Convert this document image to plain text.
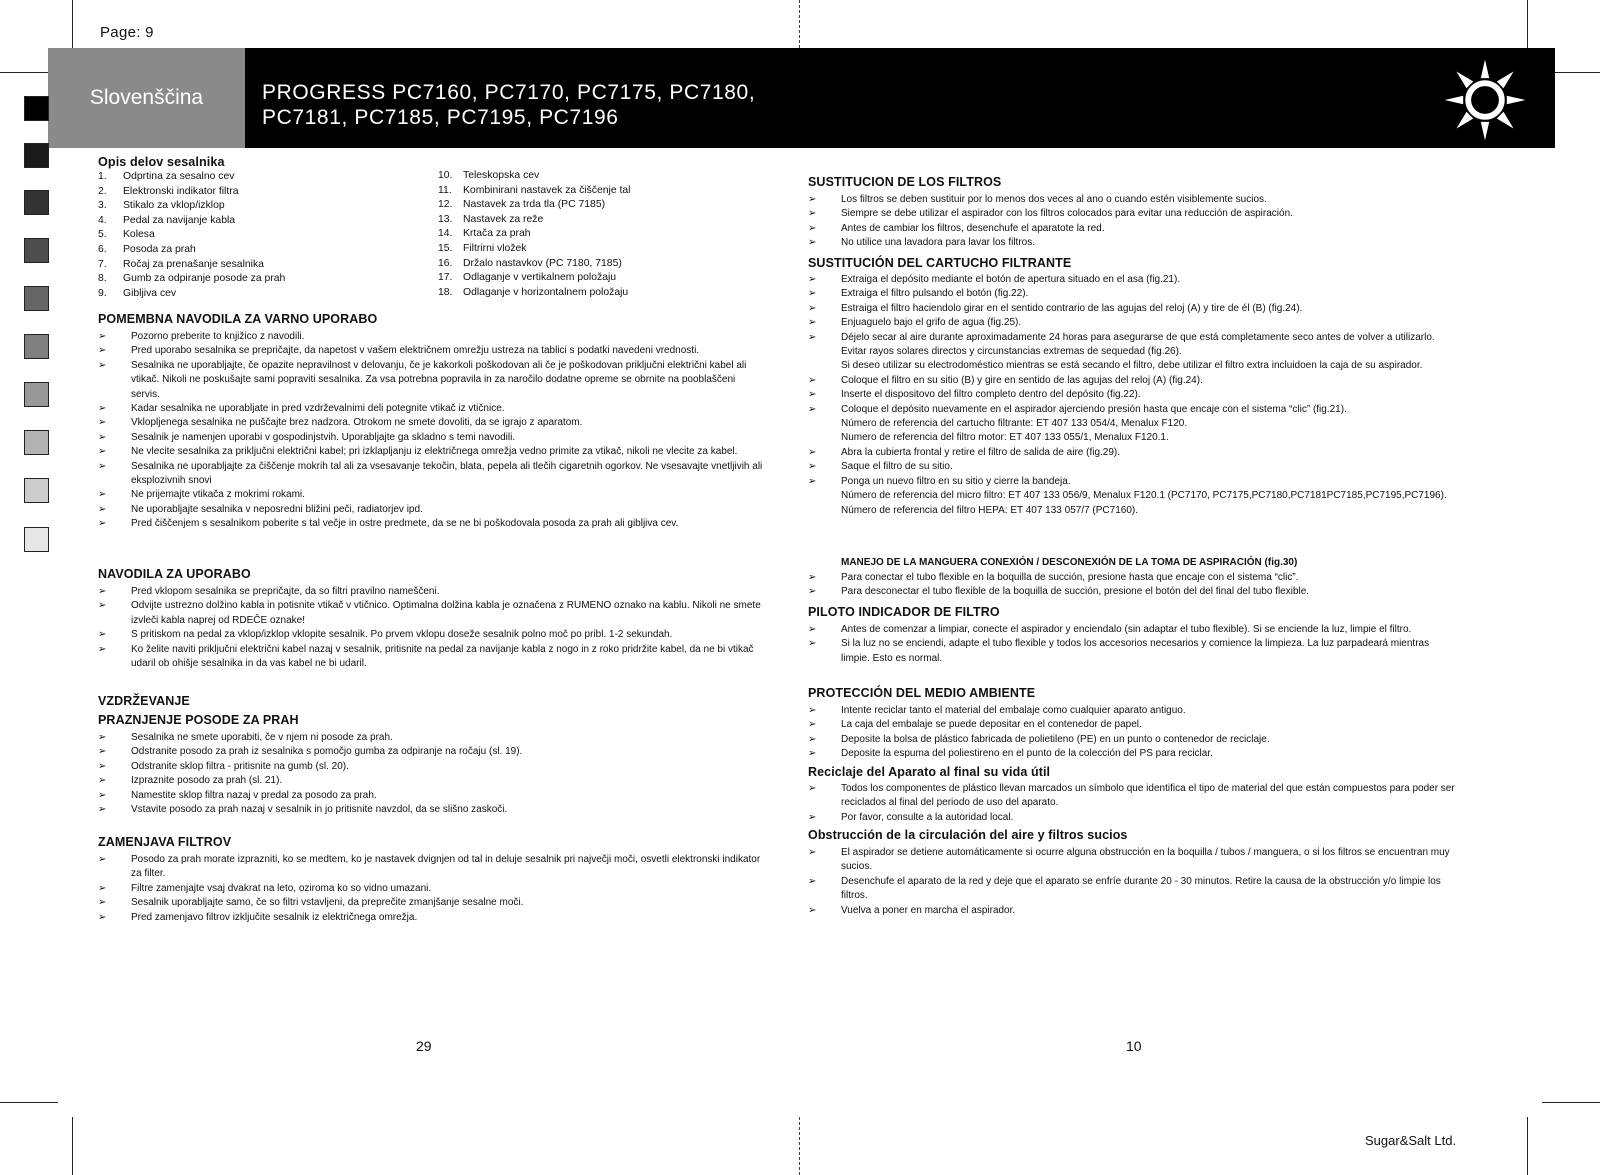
Page: 9
Slovenščina	PROGRESS PC7160, PC7170, PC7175, PC7180,
PC7181, PC7185, PC7195, PC7196
Opis delov sesalnika
1. Odprtina za sesalno cev
2. Elektronski indikator filtra
3. Stikalo za vklop/izklop
4. Pedal za navijanje kabla
5. Kolesa
6. Posoda za prah
7. Ročaj za prenašanje sesalnika
8. Gumb za odpiranje posode za prah
9. Gibljiva cev
10. Teleskopska cev
11. Kombinirani nastavek za čiščenje tal
12. Nastavek za trda tla (PC 7185)
13. Nastavek za reže
14. Krtača za prah
15. Filtrirni vložek
16. Držalo nastavkov (PC 7180, 7185)
17. Odlaganje v vertikalnem položaju
18. Odlaganje v horizontalnem položaju
POMEMBNA NAVODILA ZA VARNO UPORABO
➢ Pozorno preberite to knjižico z navodili.
➢ Pred uporabo sesalnika se prepričajte, da napetost v vašem električnem omrežju ustreza na tablici s podatki navedeni vrednosti.
➢ Sesalnika ne uporabljajte, če opazite nepravilnost v delovanju, če je kakorkoli poškodovan ali če je poškodovan priključni električni kabel ali vtikač. Nikoli ne poskušajte sami popraviti sesalnika. Za vsa potrebna popravila in za naročilo dodatne opreme se obrnite na pooblaščeni servis.
➢ Kadar sesalnika ne uporabljate in pred vzdrževalnimi deli potegnite vtikač iz vtičnice.
➢ Vklopljenega sesalnika ne puščajte brez nadzora. Otrokom ne smete dovoliti, da se igrajo z aparatom.
➢ Sesalnik je namenjen uporabi v gospodinjstvih. Uporabljajte ga skladno s temi navodili.
➢ Ne vlecite sesalnika za priključni električni kabel; pri izklapljanju iz električnega omrežja vedno primite za vtikač, nikoli ne vlecite za kabel.
➢ Sesalnika ne uporabljajte za čiščenje mokrih tal ali za vsesavanje tekočin, blata, pepela ali tlečih cigaretnih ogorkov. Ne vsesavajte vnetljivih ali eksplozivnih snovi
➢ Ne prijemajte vtikača z mokrimi rokami.
➢ Ne uporabljajte sesalnika v neposredni bližini peči, radiatorjev ipd.
➢ Pred čiščenjem s sesalnikom poberite s tal večje in ostre predmete, da se ne bi poškodovala posoda za prah ali gibljiva cev.
NAVODILA ZA UPORABO
➢ Pred vklopom sesalnika se prepričajte, da so filtri pravilno nameščeni.
➢ Odvijte ustrezno dolžino kabla in potisnite vtikač v vtičnico. Optimalna dolžina kabla je označena z RUMENO oznako na kablu. Nikoli ne smete izvleči kabla naprej od RDEČE oznake!
➢ S pritiskom na pedal za vklop/izklop vklopite sesalnik. Po prvem vklopu doseže sesalnik polno moč po pribl. 1-2 sekundah.
➢ Ko želite naviti priključni električni kabel nazaj v sesalnik, pritisnite na pedal za navijanje kabla z nogo in z roko pridržite kabel, da ne bi vtikač udaril ob ohišje sesalnika in da vas kabel ne bi udaril.
VZDRŽEVANJE
PRAZNJENJE POSODE ZA PRAH
➢ Sesalnika ne smete uporabiti, če v njem ni posode za prah.
➢ Odstranite posodo za prah iz sesalnika s pomočjo gumba za odpiranje na ročaju (sl. 19).
➢ Odstranite sklop filtra - pritisnite na gumb (sl. 20).
➢ Izpraznite posodo za prah (sl. 21).
➢ Namestite sklop filtra nazaj v predal za posodo za prah.
➢ Vstavite posodo za prah nazaj v sesalnik in jo pritisnite navzdol, da se slišno zaskoči.
ZAMENJAVA FILTROV
➢ Posodo za prah morate izprazniti, ko se medtem, ko je nastavek dvignjen od tal in deluje sesalnik pri največji moči, osvetli elektronski indikator za filter.
➢ Filtre zamenjajte vsaj dvakrat na leto, oziroma ko so vidno umazani.
➢ Sesalnik uporabljajte samo, če so filtri vstavljeni, da preprečite zmanjšanje sesalne moči.
➢ Pred zamenjavo filtrov izključite sesalnik iz električnega omrežja.
29
SUSTITUCION DE LOS FILTROS
➢ Los filtros se deben sustituir por lo menos dos veces al ano o cuando estén visiblemente sucios.
➢ Siempre se debe utilizar el aspirador con los filtros colocados para evitar una reducción de aspiración.
➢ Antes de cambiar los filtros, desenchufe el aparatote la red.
➢ No utilice una lavadora para lavar los filtros.
SUSTITUCIÓN DEL CARTUCHO FILTRANTE
➢ Extraiga el depósito mediante el botón de apertura situado en el asa (fig.21).
➢ Extraiga el filtro pulsando el botón (fig.22).
➢ Estraiga el filtro haciendolo girar en el sentido contrario de las agujas del reloj (A) y tire de él (B) (fig.24).
➢ Enjuaguelo bajo el grifo de agua (fig.25).
➢ Déjelo secar al aire durante aproximadamente 24 horas para asegurarse de que está completamente seco antes de volver a utilizarlo.
Evitar rayos solares directos y circunstancias extremas de sequedad (fig.26).
Si deseo utilizar su electrodoméstico mientras se está secando el filtro, debe utilizar el filtro extra incluidoen la caja de su aspirador.
➢ Coloque el filtro en su sitio (B) y gire en sentido de las agujas del reloj (A) (fig.24).
➢ Inserte el dispositovo del filtro completo dentro del depósito (fig.22).
➢ Coloque el depósito nuevamente en el aspirador ajerciendo presión hasta que encaje con el sistema “clic” (fig.21).
Número de referencia del cartucho filtrante: ET 407 133 054/4, Menalux F120.
Numero de referencia del filtro motor: ET 407 133 055/1, Menalux F120.1.
➢ Abra la cubierta frontal y retire el filtro de salida de aire (fig.29).
➢ Saque el filtro de su sitio.
➢ Ponga un nuevo filtro en su sitio y cierre la bandeja.
Número de referencia del micro filtro: ET 407 133 056/9, Menalux F120.1 (PC7170, PC7175,PC7180,PC7181PC7185,PC7195,PC7196).
Número de referencia del filtro HEPA: ET 407 133 057/7 (PC7160).
MANEJO DE LA MANGUERA CONEXIÓN / DESCONEXIÓN DE LA TOMA DE ASPIRACIÓN (fig.30)
➢ Para conectar el tubo flexible en la boquilla de succión, presione hasta que encaje con el sistema “clic”.
➢ Para desconectar el tubo flexible de la boquilla de succión, presione el botón del del final del tubo flexible.
PILOTO INDICADOR DE FILTRO
➢ Antes de comenzar a limpiar, conecte el aspirador y enciendalo (sin adaptar el tubo flexible). Si se enciende la luz, limpie el filtro.
➢ Si la luz no se enciendi, adapte el tubo flexible y todos los accesorios necesarios y comience la limpieza. La luz parpadeará mientras limpie. Esto es normal.
PROTECCIÓN DEL MEDIO AMBIENTE
➢ Intente reciclar tanto el material del embalaje como cualquier aparato antiguo.
➢ La caja del embalaje se puede depositar en el contenedor de papel.
➢ Deposite la bolsa de plástico fabricada de polietileno (PE) en un punto o contenedor de reciclaje.
➢ Deposite la espuma del poliestireno en el punto de la colección del PS para reciclar.
Reciclaje del Aparato al final su vida útil
➢ Todos los componentes de plástico llevan marcados un símbolo que identifica el tipo de material del que están compuestos para poder ser reciclados al final del periodo de uso del aparato.
➢ Por favor, consulte a la autoridad local.
Obstrucción de la circulación del aire y filtros sucios
➢ El aspirador se detiene automáticamente si ocurre alguna obstrucción en la boquilla / tubos / manguera, o si los filtros se encuentran muy sucios.
➢ Desenchufe el aparato de la red y deje que el aparato se enfríe durante 20 - 30 minutos. Retire la causa de la obstrucción y/o limpie los filtros.
➢ Vuelva a poner en marcha el aspirador.
10
Sugar&Salt Ltd.
